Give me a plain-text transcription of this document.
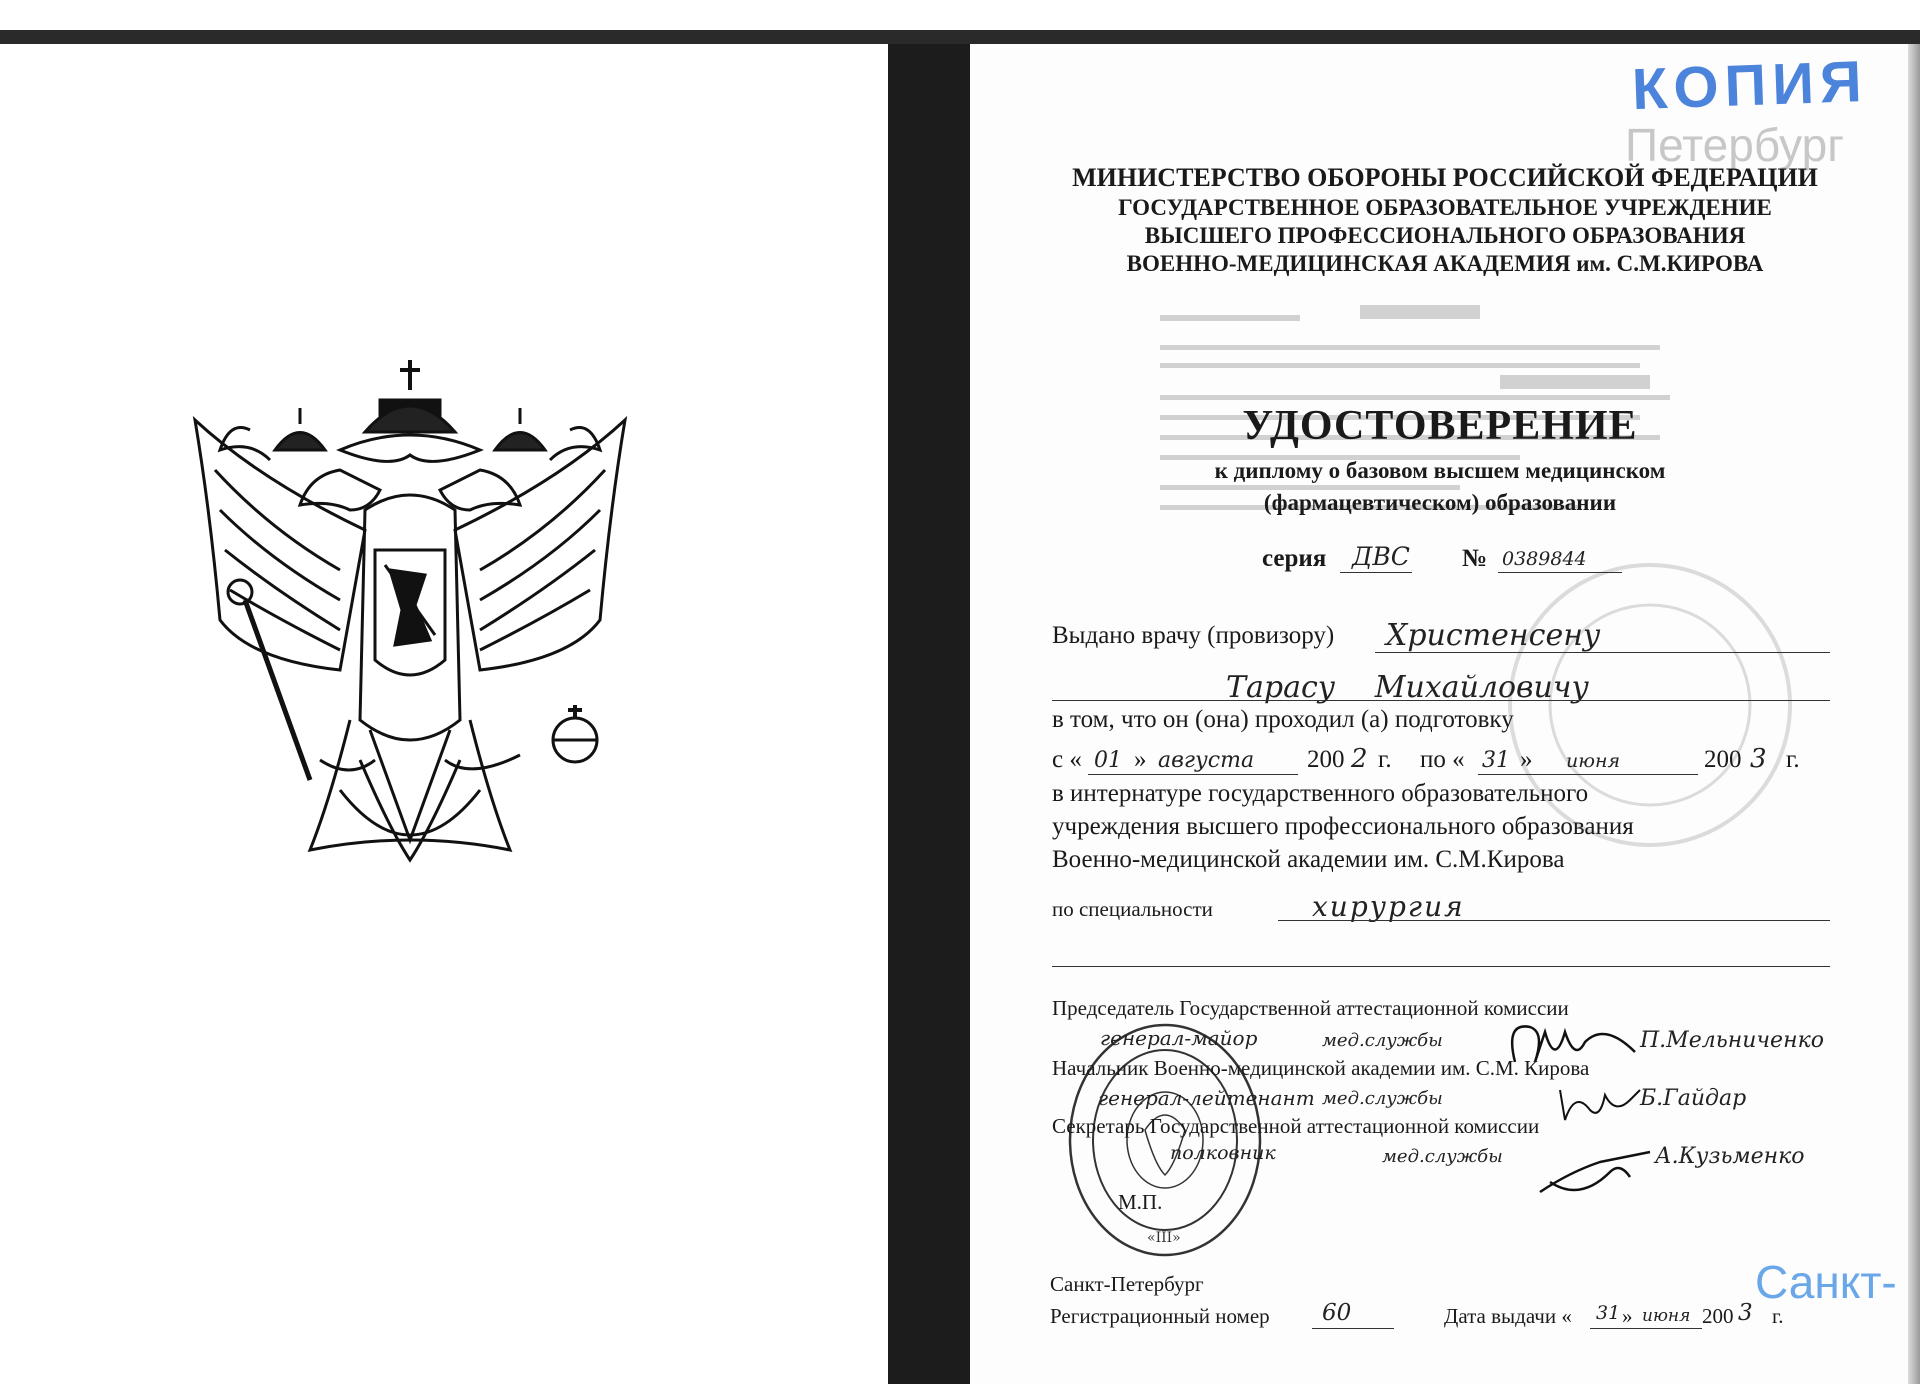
КОПИЯ
Петербург
МИНИСТЕРСТВО ОБОРОНЫ РОССИЙСКОЙ ФЕДЕРАЦИИ
ГОСУДАРСТВЕННОЕ ОБРАЗОВАТЕЛЬНОЕ УЧРЕЖДЕНИЕ
ВЫСШЕГО ПРОФЕССИОНАЛЬНОГО ОБРАЗОВАНИЯ
ВОЕННО-МЕДИЦИНСКАЯ АКАДЕМИЯ им. С.М.КИРОВА
УДОСТОВЕРЕНИЕ
к диплому о базовом высшем медицинском
(фармацевтическом) образовании
серия ДВС № 0389844
Выдано врачу (провизору) Христенсену
Тарасу Михайловичу
в том, что он (она) проходил (а) подготовку
с « 01 » августа 200 2 г. по « 31 » июня	200 3 г.
в интернатуре государственного образовательного
учреждения высшего профессионального образования
Военно-медицинской академии им. С.М.Кирова
по специальности	хирургия
«III»
Председатель Государственной аттестационной комиссии
генерал-майор	мед.службы	П.Мельниченко
Начальник Военно-медицинской академии им. С.М. Кирова
генерал-лейтенант мед.службы	Б.Гайдар
Секретарь Государственной аттестационной комиссии
полковник	мед.службы	А.Кузьменко
М.П.
Санкт-
Санкт-Петербург
Регистрационный номер 60	Дата выдачи « 31 » июня 200 3 г.
